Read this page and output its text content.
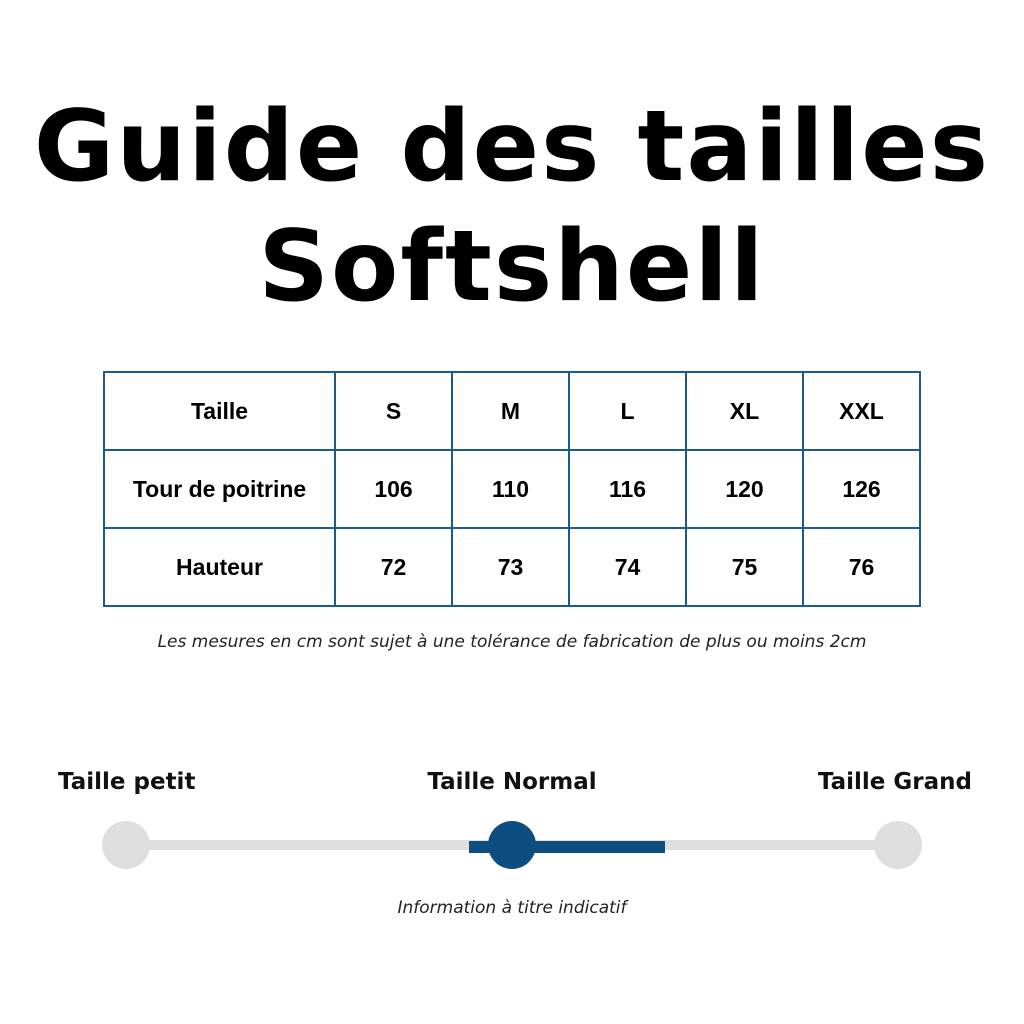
Guide des tailles
Softshell
Taille	S	M	L	XL	XXL
Tour de poitrine	106	110	116	120	126
Hauteur	72	73	74	75	76

Les mesures en cm sont sujet à une tolérance de fabrication de plus ou moins 2cm

Taille petit	Taille Normal	Taille Grand

Information à titre indicatif
